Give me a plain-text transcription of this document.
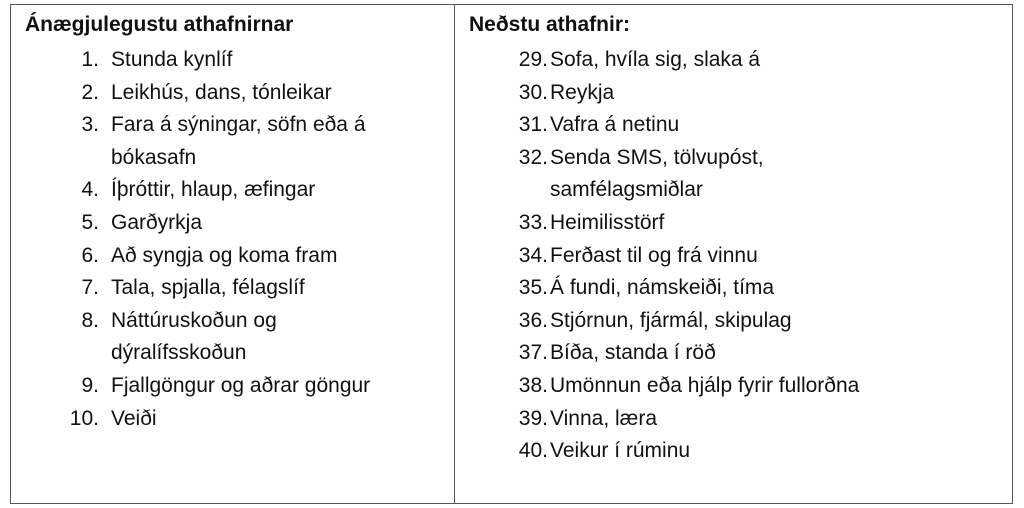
Ánægjulegustu athafnirnar
1. Stunda kynlíf
2. Leikhús, dans, tónleikar
3. Fara á sýningar, söfn eða á
bókasafn
4. Íþróttir, hlaup, æfingar
5. Garðyrkja
6. Að syngja og koma fram
7. Tala, spjalla, félagslíf
8. Náttúruskoðun og
dýralífsskoðun
9. Fjallgöngur og aðrar göngur
10. Veiði
Neðstu athafnir:
29. Sofa, hvíla sig, slaka á
30. Reykja
31. Vafra á netinu
32. Senda SMS, tölvupóst,
samfélagsmiðlar
33. Heimilisstörf
34. Ferðast til og frá vinnu
35. Á fundi, námskeiði, tíma
36. Stjórnun, fjármál, skipulag
37. Bíða, standa í röð
38. Umönnun eða hjálp fyrir fullorðna
39. Vinna, læra
40. Veikur í rúminu
